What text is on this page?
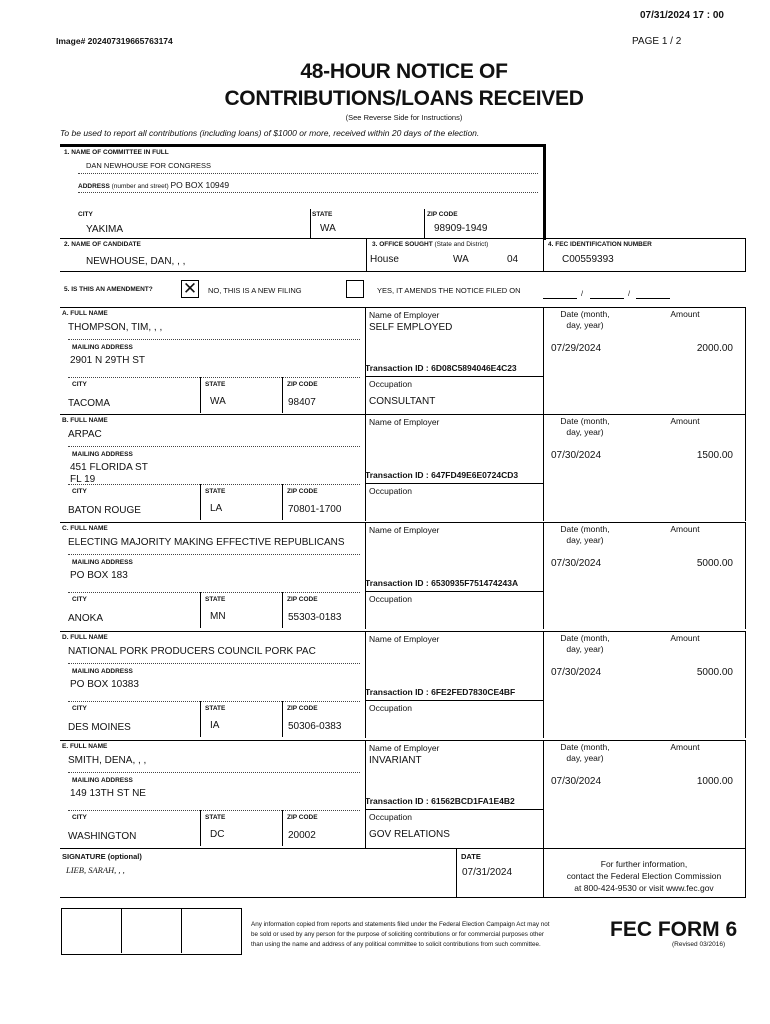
07/31/2024 17 : 00
Image# 202407319665763174	PAGE 1 / 2
48-HOUR NOTICE OF
CONTRIBUTIONS/LOANS RECEIVED
(See Reverse Side for Instructions)
To be used to report all contributions (including loans) of $1000 or more, received within 20 days of the election.
1. NAME OF COMMITTEE IN FULL
DAN NEWHOUSE FOR CONGRESS
ADDRESS (number and street) PO BOX 10949
CITY	STATE	ZIP CODE
YAKIMA	WA	98909-1949
2. NAME OF CANDIDATE
NEWHOUSE, DAN, , ,
3. OFFICE SOUGHT (State and District)
House	WA	04
4. FEC IDENTIFICATION NUMBER
C00559393
5. IS THIS AN AMENDMENT? ✕ NO, THIS IS A NEW FILING	YES, IT AMENDS THE NOTICE FILED ON	/	/
A. FULL NAME
THOMPSON, TIM, , ,
MAILING ADDRESS
2901 N 29TH ST
CITY	STATE	ZIP CODE
TACOMA	WA	98407
Name of Employer
SELF EMPLOYED
Transaction ID : 6D08C5894046E4C23
Occupation
CONSULTANT
Date (month,
day, year)
Amount
07/29/2024	2000.00
B. FULL NAME
ARPAC
MAILING ADDRESS
451 FLORIDA ST
FL 19
CITY	STATE	ZIP CODE
BATON ROUGE	LA	70801-1700
Name of Employer
Transaction ID : 647FD49E6E0724CD3
Occupation
Date (month,
day, year)
Amount
07/30/2024	1500.00
C. FULL NAME
ELECTING MAJORITY MAKING EFFECTIVE REPUBLICANS
MAILING ADDRESS
PO BOX 183
CITY	STATE	ZIP CODE
ANOKA	MN	55303-0183
Name of Employer
Transaction ID : 6530935F751474243A
Occupation
Date (month,
day, year)
Amount
07/30/2024	5000.00
D. FULL NAME
NATIONAL PORK PRODUCERS COUNCIL PORK PAC
MAILING ADDRESS
PO BOX 10383
CITY	STATE	ZIP CODE
DES MOINES	IA	50306-0383
Name of Employer
Transaction ID : 6FE2FED7830CE4BF
Occupation
Date (month,
day, year)
Amount
07/30/2024	5000.00
E. FULL NAME
SMITH, DENA, , ,
MAILING ADDRESS
149 13TH ST NE
CITY	STATE	ZIP CODE
WASHINGTON	DC	20002
Name of Employer
INVARIANT
Transaction ID : 61562BCD1FA1E4B2
Occupation
GOV RELATIONS
Date (month,
day, year)
Amount
07/30/2024	1000.00
SIGNATURE (optional)
LIEB, SARAH, , ,
DATE
07/31/2024
For further information,
contact the Federal Election Commission
at 800-424-9530 or visit www.fec.gov
Any information copied from reports and statements filed under the Federal Election Campaign Act may not
be sold or used by any person for the purpose of soliciting contributions or for commercial purposes other
than using the name and address of any political committee to solicit contributions from such committee.
FEC FORM 6
(Revised 03/2016)
